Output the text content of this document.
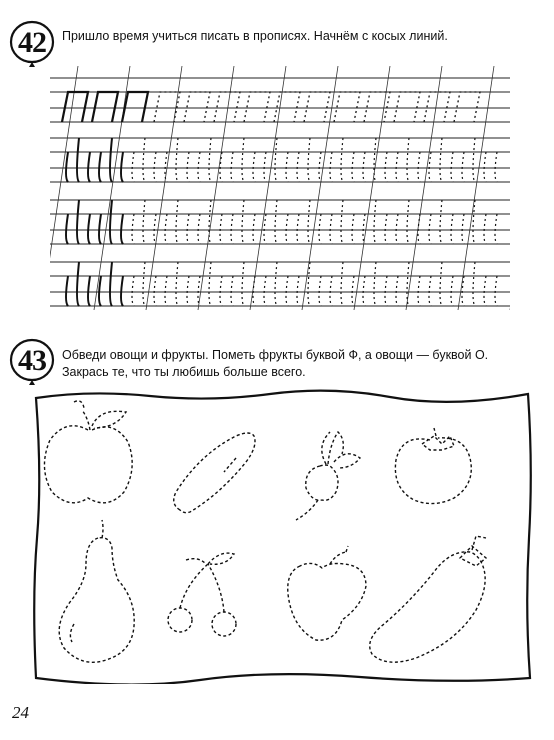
42	Пришло время учиться писать в прописях. Начнём с косых линий.
43	Обведи овощи и фрукты. Пометь фрукты буквой Ф, а овощи — буквой О.
Закрась те, что ты любишь больше всего.
24
